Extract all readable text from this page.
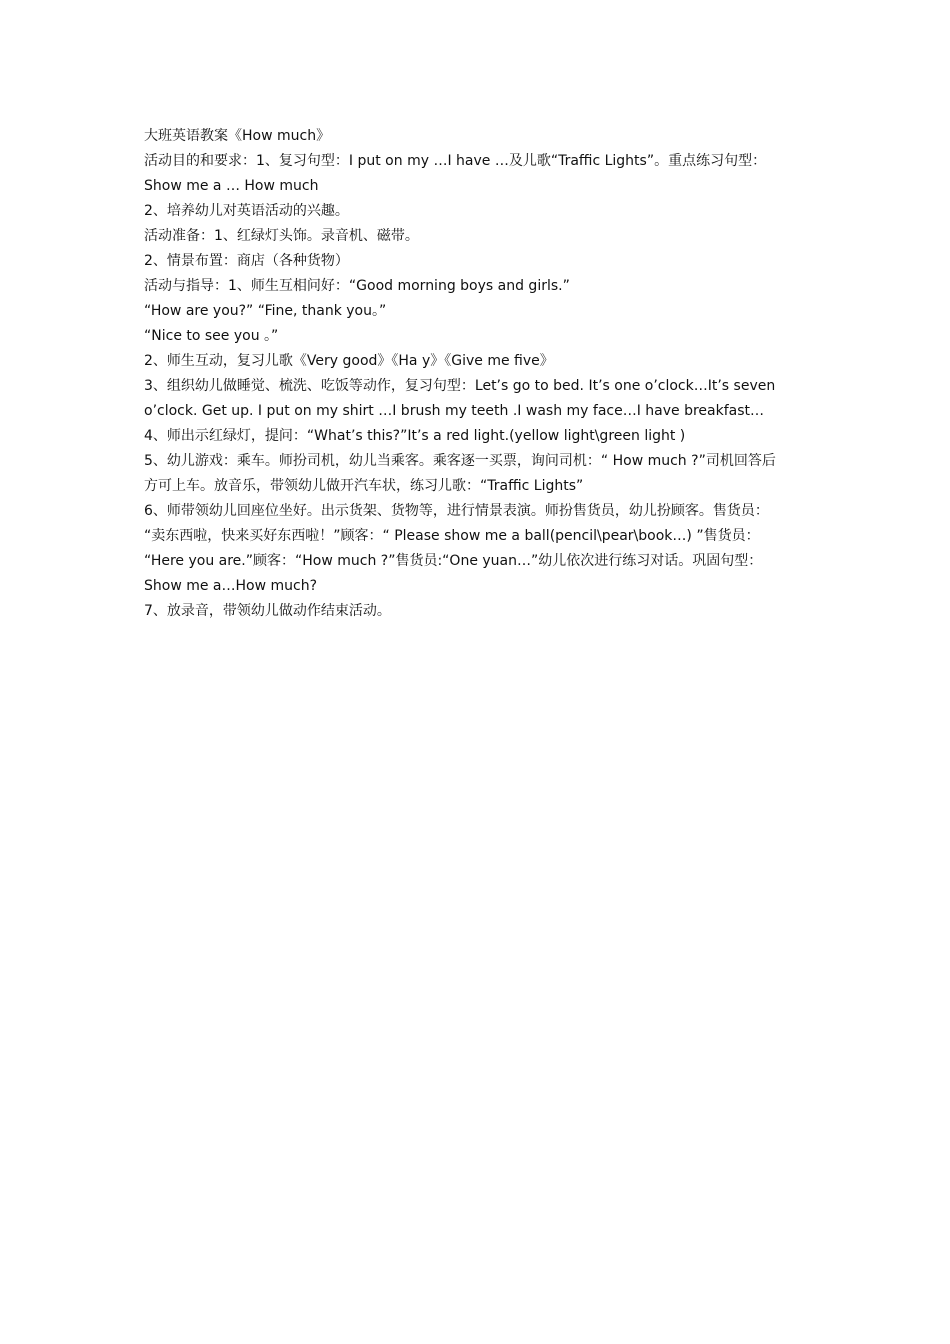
大班英语教案《How much》

活动目的和要求：1、复习句型：I put on my …I have …及儿歌“Traffic Lights”。重点练习句型：

Show me a … How much

2、培养幼儿对英语活动的兴趣。

活动准备：1、红绿灯头饰。录音机、磁带。

2、情景布置：商店（各种货物）

活动与指导：1、师生互相问好：“Good morning boys and girls.”

“How are you?” “Fine, thank you。”

“Nice to see you 。”

2、师生互动，复习儿歌《Very good》《Ha y》《Give me five》

3、组织幼儿做睡觉、梳洗、吃饭等动作，复习句型：Let’s go to bed. It’s one o’clock…It’s seven

o’clock. Get up. I put on my shirt …I brush my teeth .I wash my face…I have breakfast…

4、师出示红绿灯，提问：“What’s this?”It’s a red light.(yellow light\green light )

5、幼儿游戏：乘车。师扮司机，幼儿当乘客。乘客逐一买票，询问司机：“ How much ?”司机回答后

方可上车。放音乐，带领幼儿做开汽车状，练习儿歌：“Traffic Lights”

6、师带领幼儿回座位坐好。出示货架、货物等，进行情景表演。师扮售货员，幼儿扮顾客。售货员：

“卖东西啦，快来买好东西啦！”顾客：“ Please show me a ball(pencil\pear\book…) ”售货员：

“Here you are.”顾客：“How much ?”售货员:“One yuan…”幼儿依次进行练习对话。巩固句型：

Show me a…How much?

7、放录音，带领幼儿做动作结束活动。
